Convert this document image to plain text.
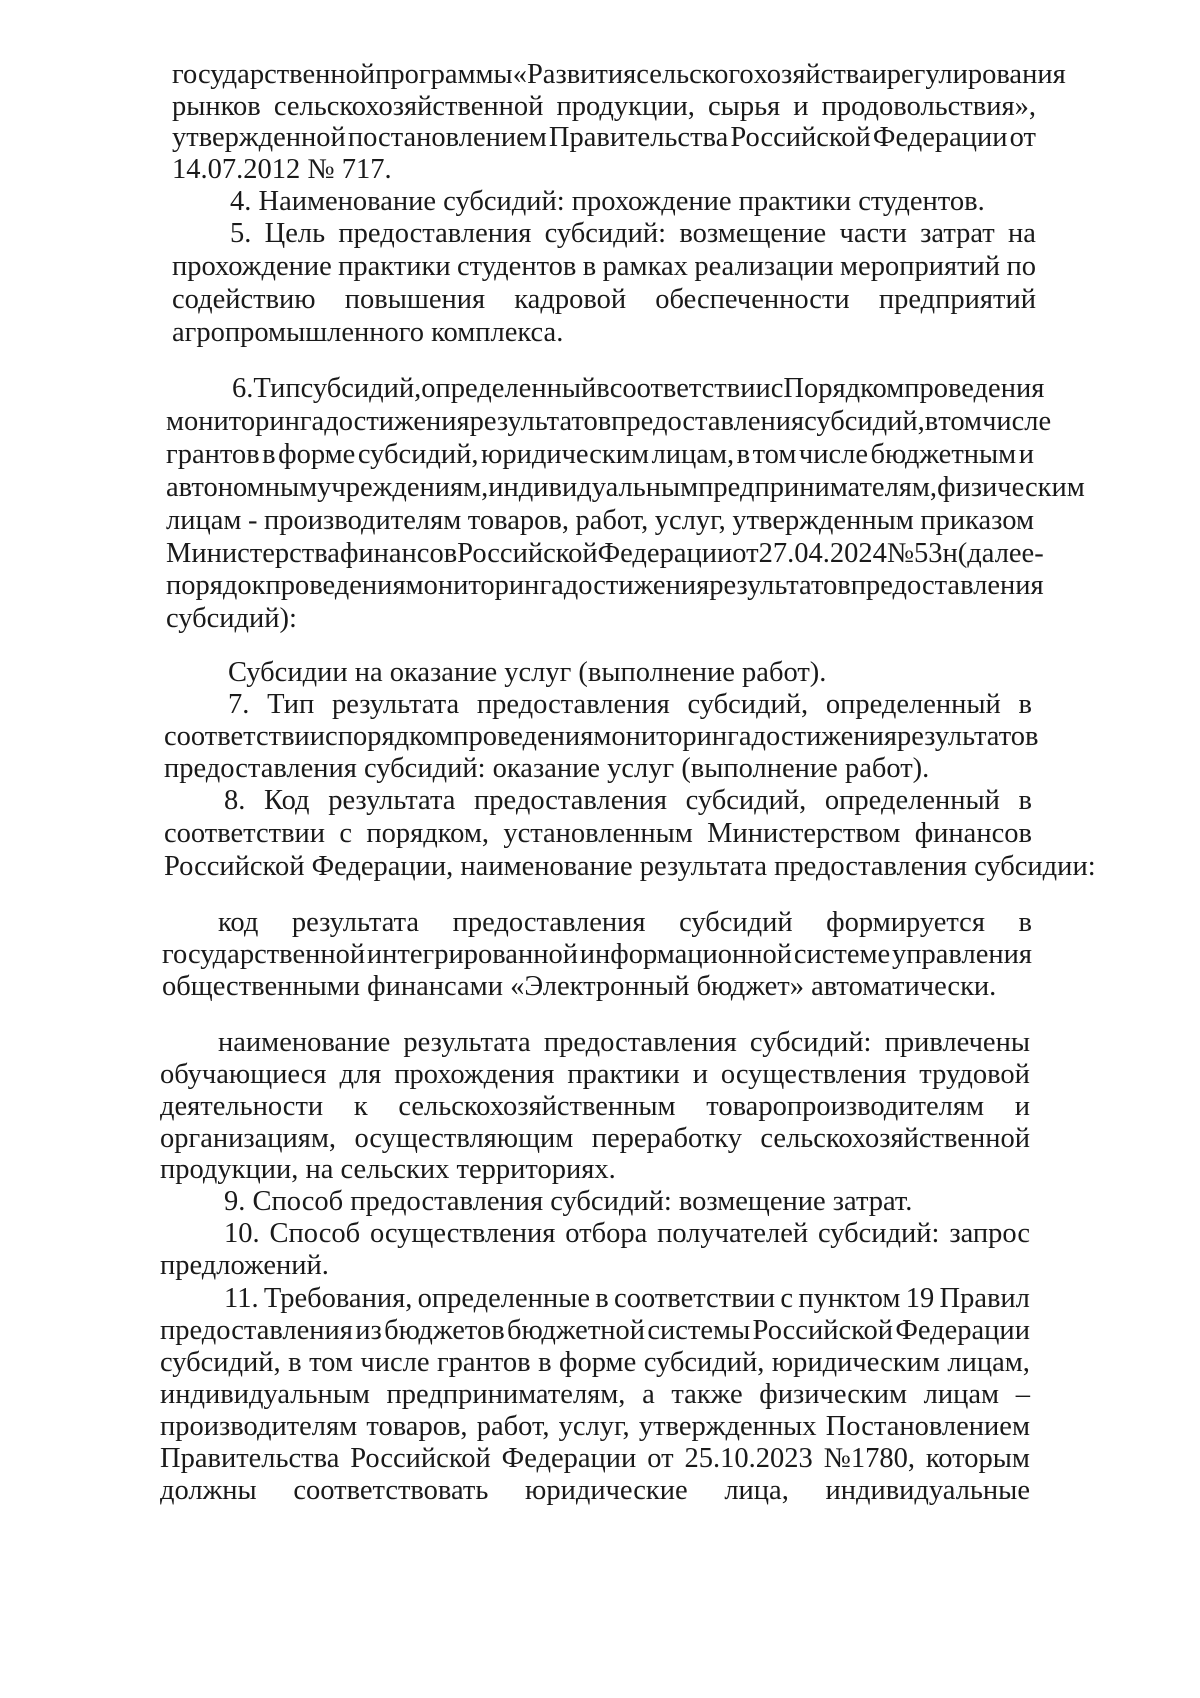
государственной программы «Развития сельского хозяйства и регулирования
рынков сельскохозяйственной продукции, сырья и продовольствия»,
утвержденной постановлением Правительства Российской Федерации от
14.07.2012 № 717.
4. Наименование субсидий: прохождение практики студентов.
5. Цель предоставления субсидий: возмещение части затрат на
прохождение практики студентов в рамках реализации мероприятий по
содействию повышения кадровой обеспеченности предприятий
агропромышленного комплекса.
6. Тип субсидий, определенный в соответствии с Порядком проведения
мониторинга достижения результатов предоставления субсидий, в том числе
грантов в форме субсидий, юридическим лицам, в том числе бюджетным и
автономным учреждениям, индивидуальным предпринимателям, физическим
лицам - производителям товаров, работ, услуг, утвержденным приказом
Министерства финансов Российской Федерации от 27.04.2024 №53н (далее -
порядок проведения мониторинга достижения результатов предоставления
субсидий):
Субсидии на оказание услуг (выполнение работ).
7. Тип результата предоставления субсидий, определенный в
соответствии с порядком проведения мониторинга достижения результатов
предоставления субсидий: оказание услуг (выполнение работ).
8. Код результата предоставления субсидий, определенный в
соответствии с порядком, установленным Министерством финансов
Российской Федерации, наименование результата предоставления субсидии:
код результата предоставления субсидий формируется в
государственной интегрированной информационной системе управления
общественными финансами «Электронный бюджет» автоматически.
наименование результата предоставления субсидий: привлечены
обучающиеся для прохождения практики и осуществления трудовой
деятельности к сельскохозяйственным товаропроизводителям и
организациям, осуществляющим переработку сельскохозяйственной
продукции, на сельских территориях.
9. Способ предоставления субсидий: возмещение затрат.
10. Способ осуществления отбора получателей субсидий: запрос
предложений.
11. Требования, определенные в соответствии с пунктом 19 Правил
предоставления из бюджетов бюджетной системы Российской Федерации
субсидий, в том числе грантов в форме субсидий, юридическим лицам,
индивидуальным предпринимателям, а также физическим лицам –
производителям товаров, работ, услуг, утвержденных Постановлением
Правительства Российской Федерации от 25.10.2023 №1780, которым
должны соответствовать юридические лица, индивидуальные
